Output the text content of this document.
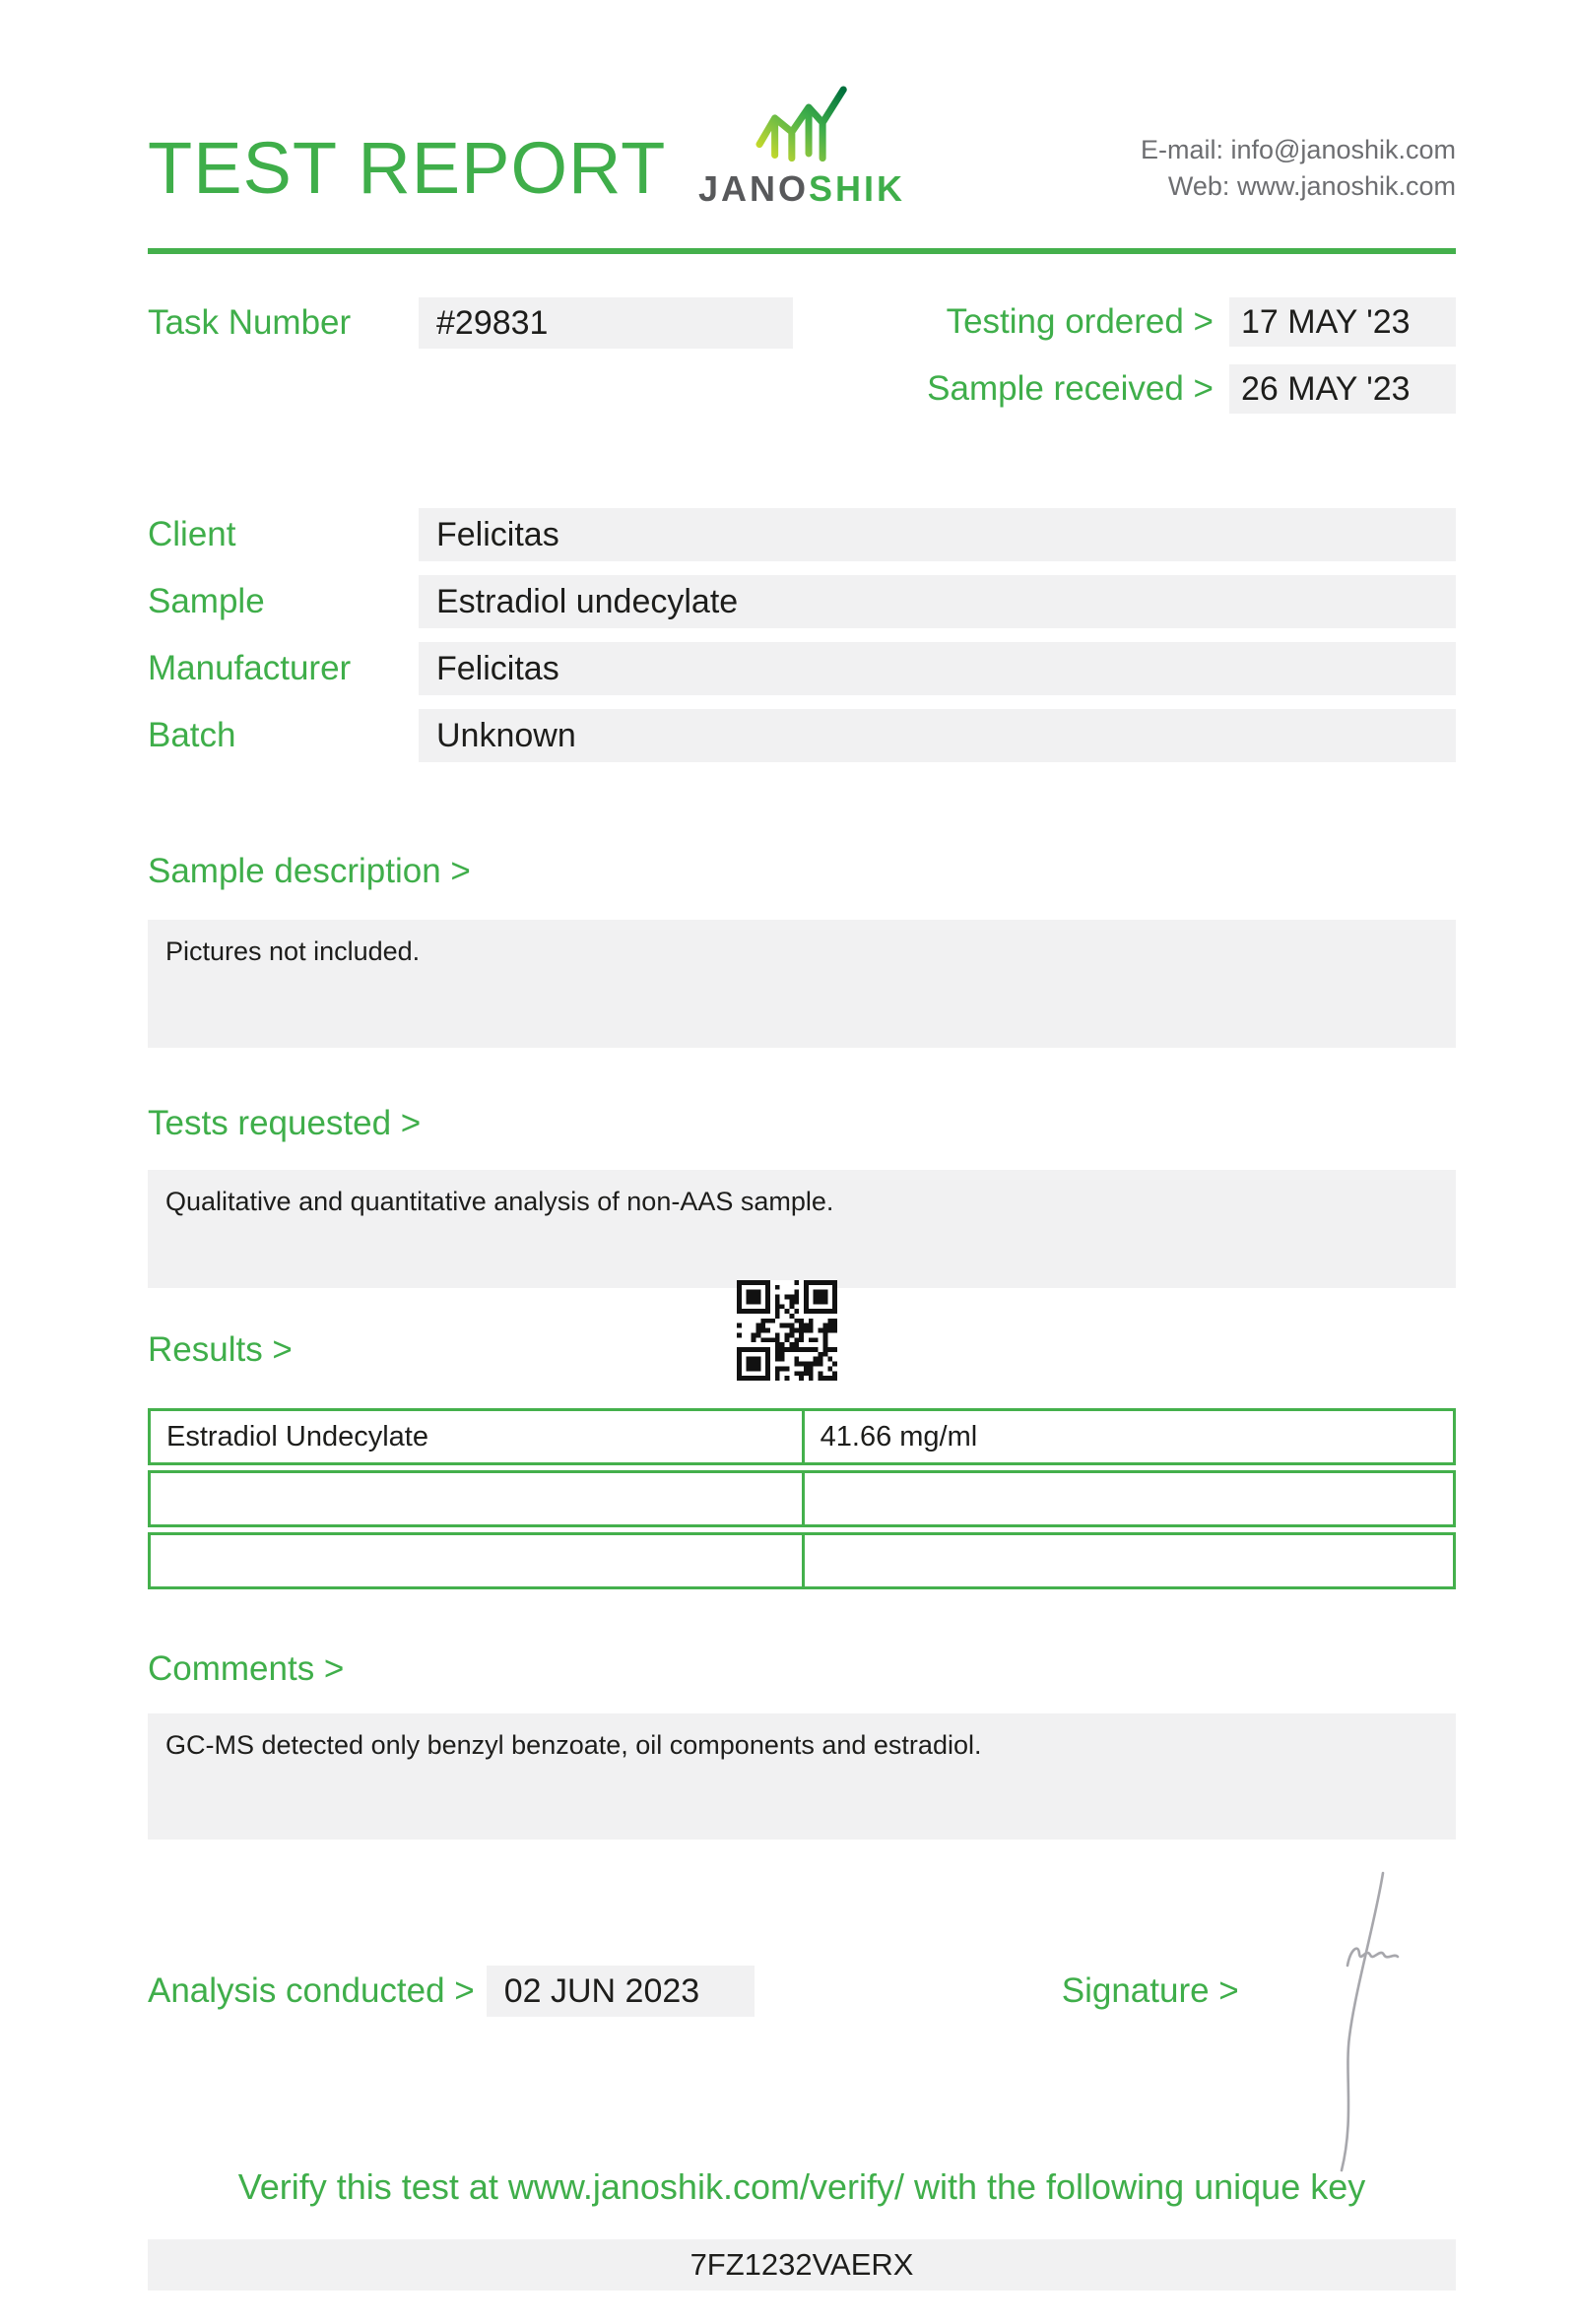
TEST REPORT JANOSHIK
E-mail: info@janoshik.com
Web: www.janoshik.com
Task Number	#29831	Testing ordered > 17 MAY '23
Sample received > 26 MAY '23
Client	Felicitas
Sample	Estradiol undecylate
Manufacturer	Felicitas
Batch	Unknown
Sample description >
Pictures not included.
Tests requested >
Qualitative and quantitative analysis of non-AAS sample.
Results >
Estradiol Undecylate	41.66 mg/ml
Comments >
GC-MS detected only benzyl benzoate, oil components and estradiol.
Analysis conducted > 02 JUN 2023	Signature >
Verify this test at www.janoshik.com/verify/ with the following unique key
7FZ1232VAERX
